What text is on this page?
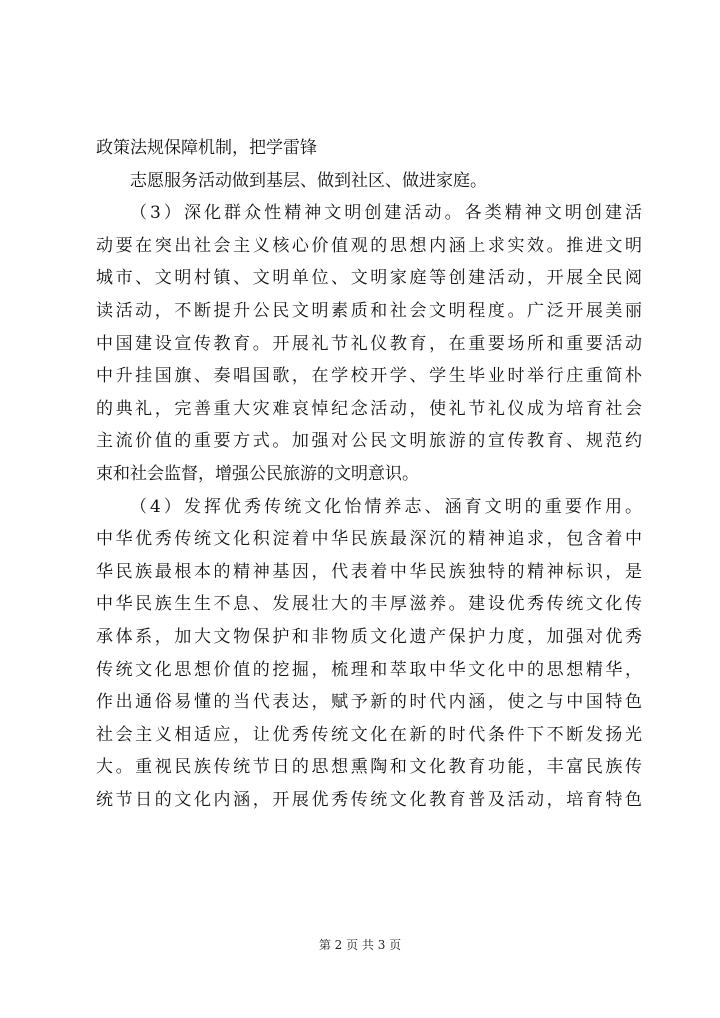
政策法规保障机制，把学雷锋
志愿服务活动做到基层、做到社区、做进家庭。
（3）深化群众性精神文明创建活动。各类精神文明创建活
动要在突出社会主义核心价值观的思想内涵上求实效。推进文明
城市、文明村镇、文明单位、文明家庭等创建活动，开展全民阅
读活动，不断提升公民文明素质和社会文明程度。广泛开展美丽
中国建设宣传教育。开展礼节礼仪教育，在重要场所和重要活动
中升挂国旗、奏唱国歌，在学校开学、学生毕业时举行庄重简朴
的典礼，完善重大灾难哀悼纪念活动，使礼节礼仪成为培育社会
主流价值的重要方式。加强对公民文明旅游的宣传教育、规范约
束和社会监督，增强公民旅游的文明意识。
（4）发挥优秀传统文化怡情养志、涵育文明的重要作用。
中华优秀传统文化积淀着中华民族最深沉的精神追求，包含着中
华民族最根本的精神基因，代表着中华民族独特的精神标识，是
中华民族生生不息、发展壮大的丰厚滋养。建设优秀传统文化传
承体系，加大文物保护和非物质文化遗产保护力度，加强对优秀
传统文化思想价值的挖掘，梳理和萃取中华文化中的思想精华，
作出通俗易懂的当代表达，赋予新的时代内涵，使之与中国特色
社会主义相适应，让优秀传统文化在新的时代条件下不断发扬光
大。重视民族传统节日的思想熏陶和文化教育功能，丰富民族传
统节日的文化内涵，开展优秀传统文化教育普及活动，培育特色
第 2 页 共 3 页
